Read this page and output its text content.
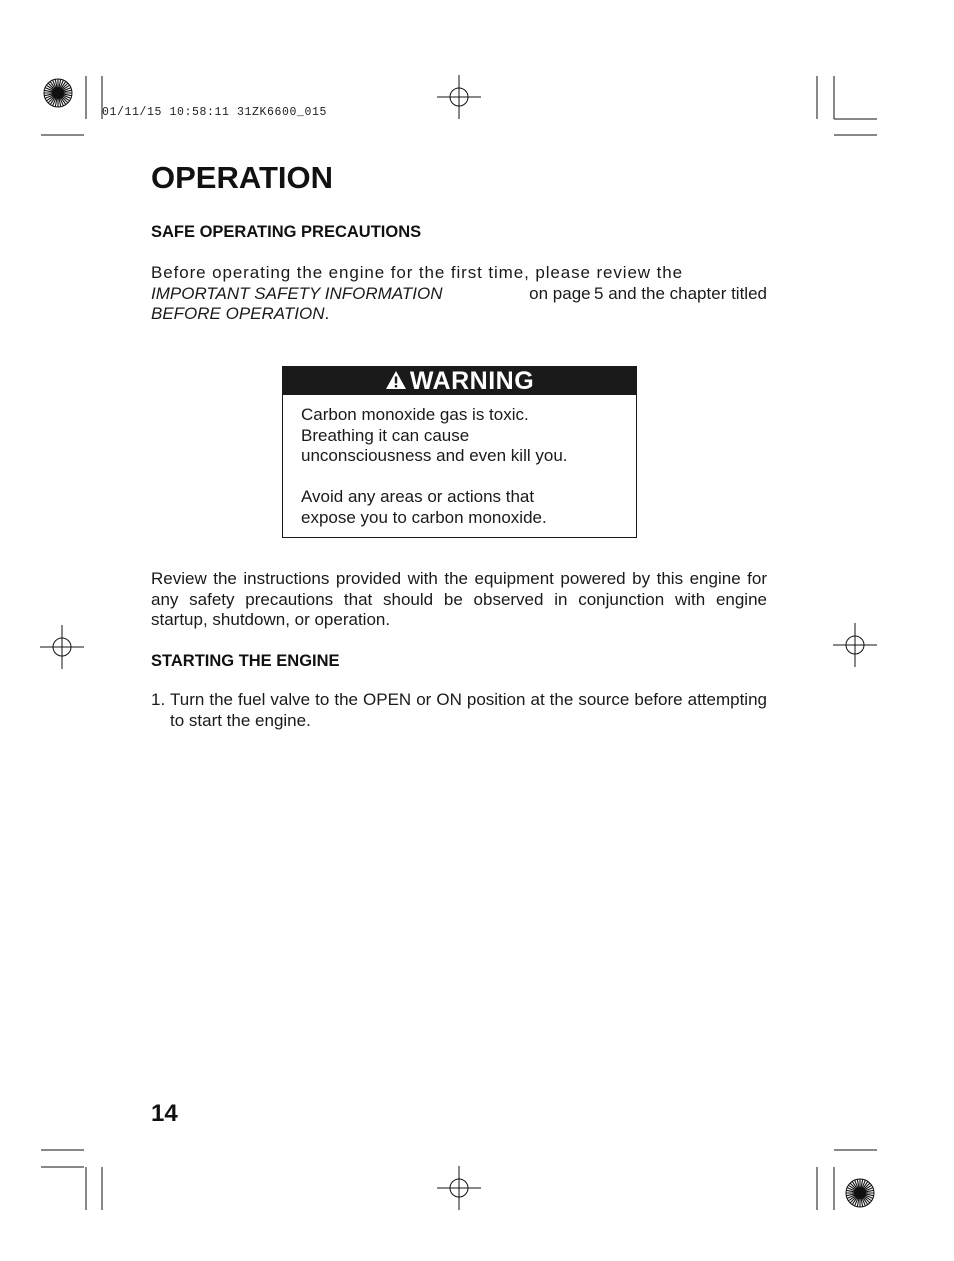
01/11/15 10:58:11 31ZK6600_015
OPERATION
SAFE OPERATING PRECAUTIONS
Before operating the engine for the first time, please review the
IMPORTANT SAFETY INFORMATION	on page 5 and the chapter titled
BEFORE OPERATION.
WARNING

Carbon monoxide gas is toxic.
Breathing it can cause
unconsciousness and even kill you.

Avoid any areas or actions that
expose you to carbon monoxide.

Review the instructions provided with the equipment powered by this engine for any safety precautions that should be observed in conjunction with engine startup, shutdown, or operation.

STARTING THE ENGINE
1. Turn the fuel valve to the OPEN or ON position at the source before attempting to start the engine.
14
